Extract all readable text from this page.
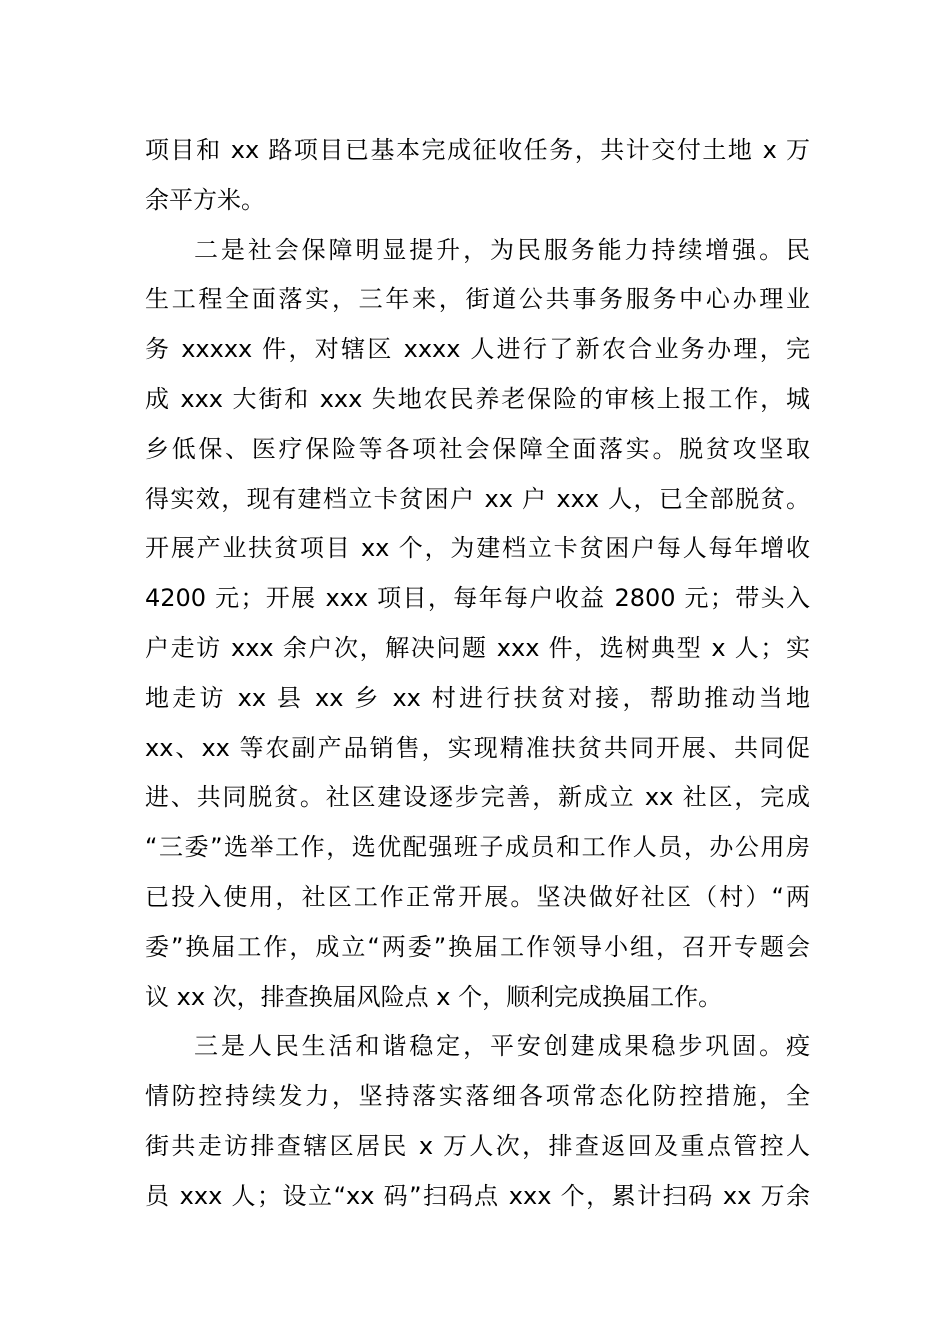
项目和 xx 路项目已基本完成征收任务，共计交付土地 x 万
余平方米。
二是社会保障明显提升，为民服务能力持续增强。民
生工程全面落实，三年来，街道公共事务服务中心办理业
务 xxxxx 件，对辖区 xxxx 人进行了新农合业务办理，完
成 xxx 大街和 xxx 失地农民养老保险的审核上报工作，城
乡低保、医疗保险等各项社会保障全面落实。脱贫攻坚取
得实效，现有建档立卡贫困户 xx 户 xxx 人，已全部脱贫。
开展产业扶贫项目 xx 个，为建档立卡贫困户每人每年增收
4200 元；开展 xxx 项目，每年每户收益 2800 元；带头入
户走访 xxx 余户次，解决问题 xxx 件，选树典型 x 人；实
地走访 xx 县 xx 乡 xx 村进行扶贫对接，帮助推动当地
xx、xx 等农副产品销售，实现精准扶贫共同开展、共同促
进、共同脱贫。社区建设逐步完善，新成立 xx 社区，完成
“三委”选举工作，选优配强班子成员和工作人员，办公用房
已投入使用，社区工作正常开展。坚决做好社区（村）“两
委”换届工作，成立“两委”换届工作领导小组，召开专题会
议 xx 次，排查换届风险点 x 个，顺利完成换届工作。
三是人民生活和谐稳定，平安创建成果稳步巩固。疫
情防控持续发力，坚持落实落细各项常态化防控措施，全
街共走访排查辖区居民 x 万人次，排查返回及重点管控人
员 xxx 人；设立“xx 码”扫码点 xxx 个，累计扫码 xx 万余
